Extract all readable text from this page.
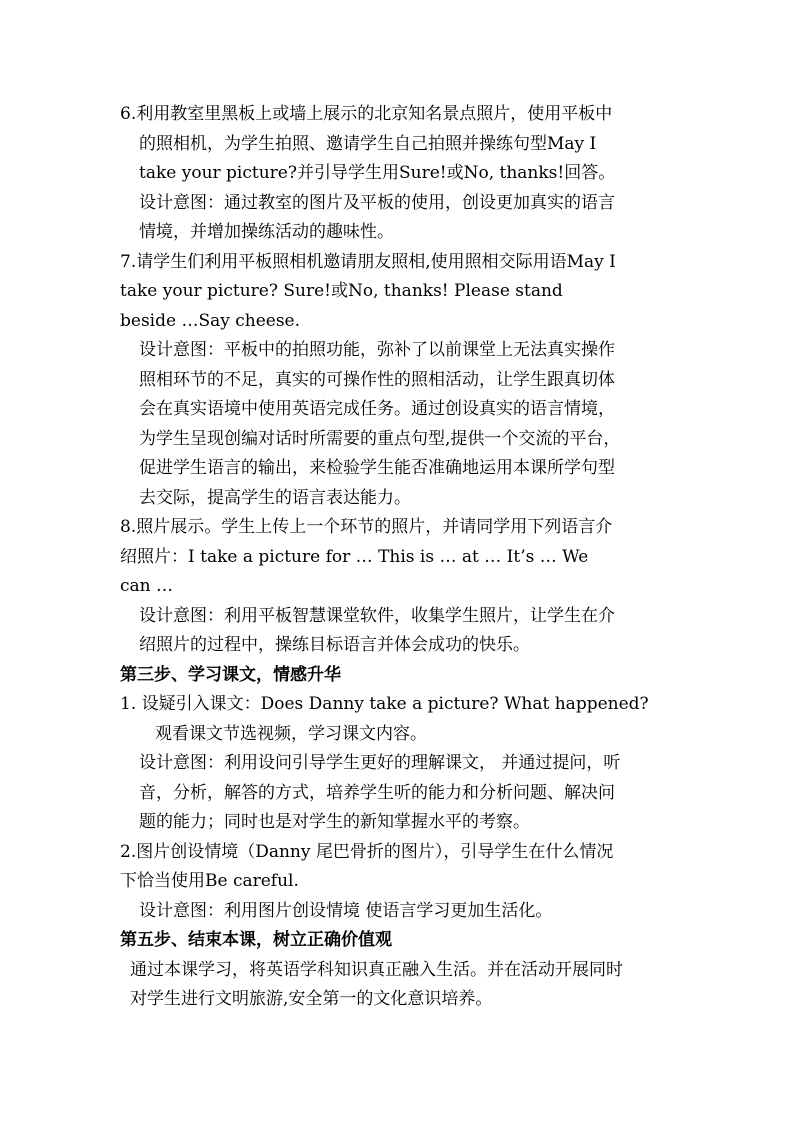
6.利用教室里黑板上或墙上展示的北京知名景点照片，使用平板中
的照相机，为学生拍照、邀请学生自己拍照并操练句型May I
take your picture?并引导学生用Sure!或No, thanks!回答。
设计意图：通过教室的图片及平板的使用，创设更加真实的语言
情境，并增加操练活动的趣味性。
7.请学生们利用平板照相机邀请朋友照相,使用照相交际用语May I
take your picture? Sure!或No, thanks! Please stand
beside …Say cheese.
设计意图：平板中的拍照功能，弥补了以前课堂上无法真实操作
照相环节的不足，真实的可操作性的照相活动，让学生跟真切体
会在真实语境中使用英语完成任务。通过创设真实的语言情境，
为学生呈现创编对话时所需要的重点句型,提供一个交流的平台，
促进学生语言的输出，来检验学生能否准确地运用本课所学句型
去交际，提高学生的语言表达能力。
8.照片展示。学生上传上一个环节的照片，并请同学用下列语言介
绍照片：I take a picture for … This is … at … It’s … We
can …
设计意图：利用平板智慧课堂软件，收集学生照片，让学生在介
绍照片的过程中，操练目标语言并体会成功的快乐。
第三步、学习课文，情感升华
1. 设疑引入课文：Does Danny take a picture? What happened?
观看课文节选视频，学习课文内容。
设计意图：利用设问引导学生更好的理解课文， 并通过提问，听
音，分析，解答的方式，培养学生听的能力和分析问题、解决问
题的能力；同时也是对学生的新知掌握水平的考察。
2.图片创设情境（Danny 尾巴骨折的图片），引导学生在什么情况
下恰当使用Be careful.
设计意图：利用图片创设情境 使语言学习更加生活化。
第五步、结束本课，树立正确价值观
通过本课学习，将英语学科知识真正融入生活。并在活动开展同时
对学生进行文明旅游,安全第一的文化意识培养。
